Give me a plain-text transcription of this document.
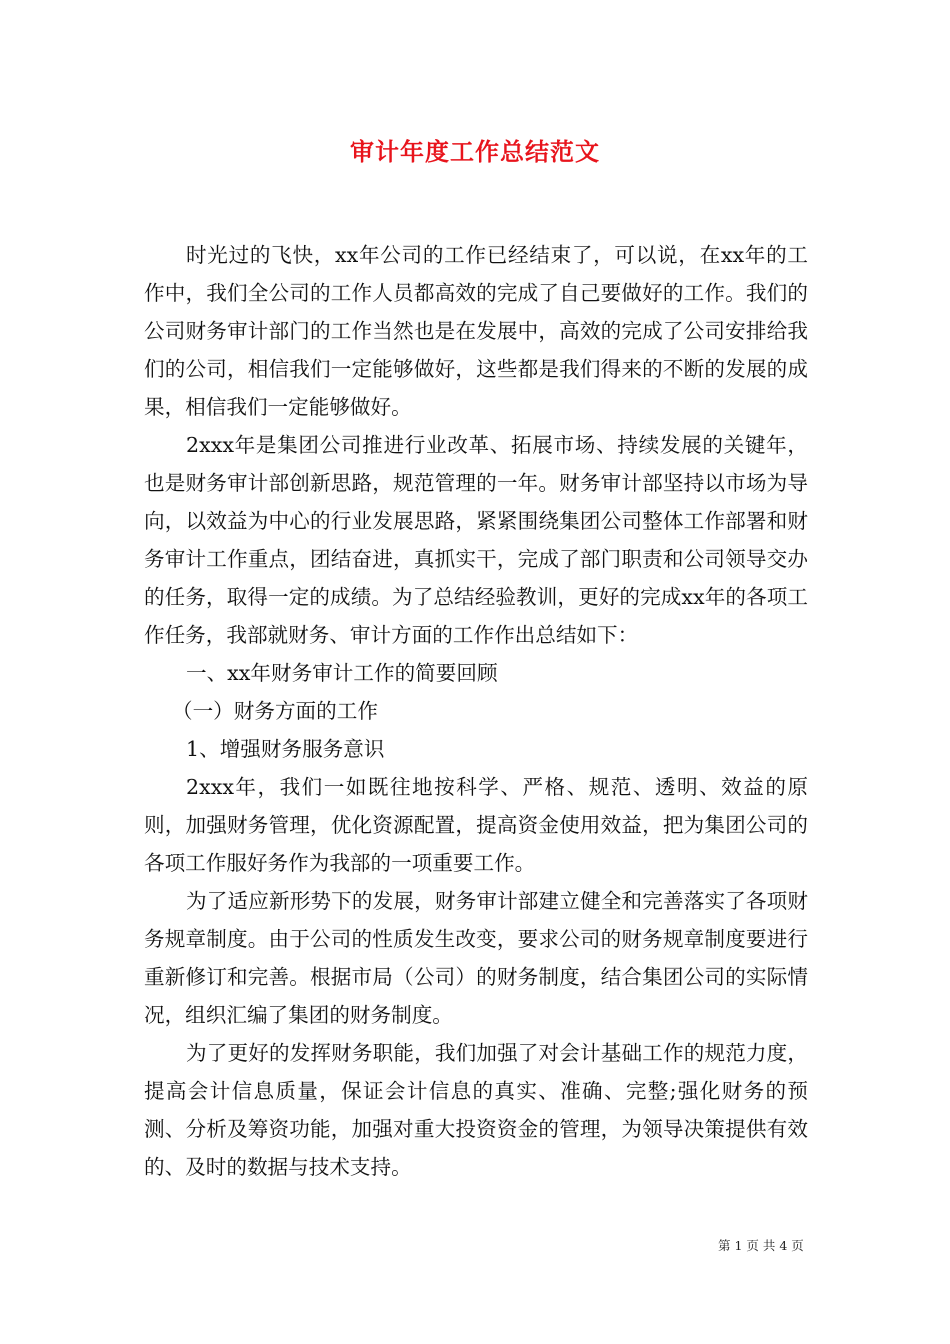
审计年度工作总结范文

时光过的飞快，xx年公司的工作已经结束了，可以说，在xx年的工作中，我们全公司的工作人员都高效的完成了自己要做好的工作。我们的公司财务审计部门的工作当然也是在发展中，高效的完成了公司安排给我们的公司，相信我们一定能够做好，这些都是我们得来的不断的发展的成果，相信我们一定能够做好。

2xxx年是集团公司推进行业改革、拓展市场、持续发展的关键年，也是财务审计部创新思路，规范管理的一年。财务审计部坚持以市场为导向，以效益为中心的行业发展思路，紧紧围绕集团公司整体工作部署和财务审计工作重点，团结奋进，真抓实干，完成了部门职责和公司领导交办的任务，取得一定的成绩。为了总结经验教训，更好的完成xx年的各项工作任务，我部就财务、审计方面的工作作出总结如下：

一、xx年财务审计工作的简要回顾

（一）财务方面的工作

1、增强财务服务意识

2xxx年，我们一如既往地按科学、严格、规范、透明、效益的原则，加强财务管理，优化资源配置，提高资金使用效益，把为集团公司的各项工作服好务作为我部的一项重要工作。

为了适应新形势下的发展，财务审计部建立健全和完善落实了各项财务规章制度。由于公司的性质发生改变，要求公司的财务规章制度要进行重新修订和完善。根据市局（公司）的财务制度，结合集团公司的实际情况，组织汇编了集团的财务制度。

为了更好的发挥财务职能，我们加强了对会计基础工作的规范力度，提高会计信息质量，保证会计信息的真实、准确、完整;强化财务的预测、分析及筹资功能，加强对重大投资资金的管理，为领导决策提供有效的、及时的数据与技术支持。

第 1 页 共 4 页
